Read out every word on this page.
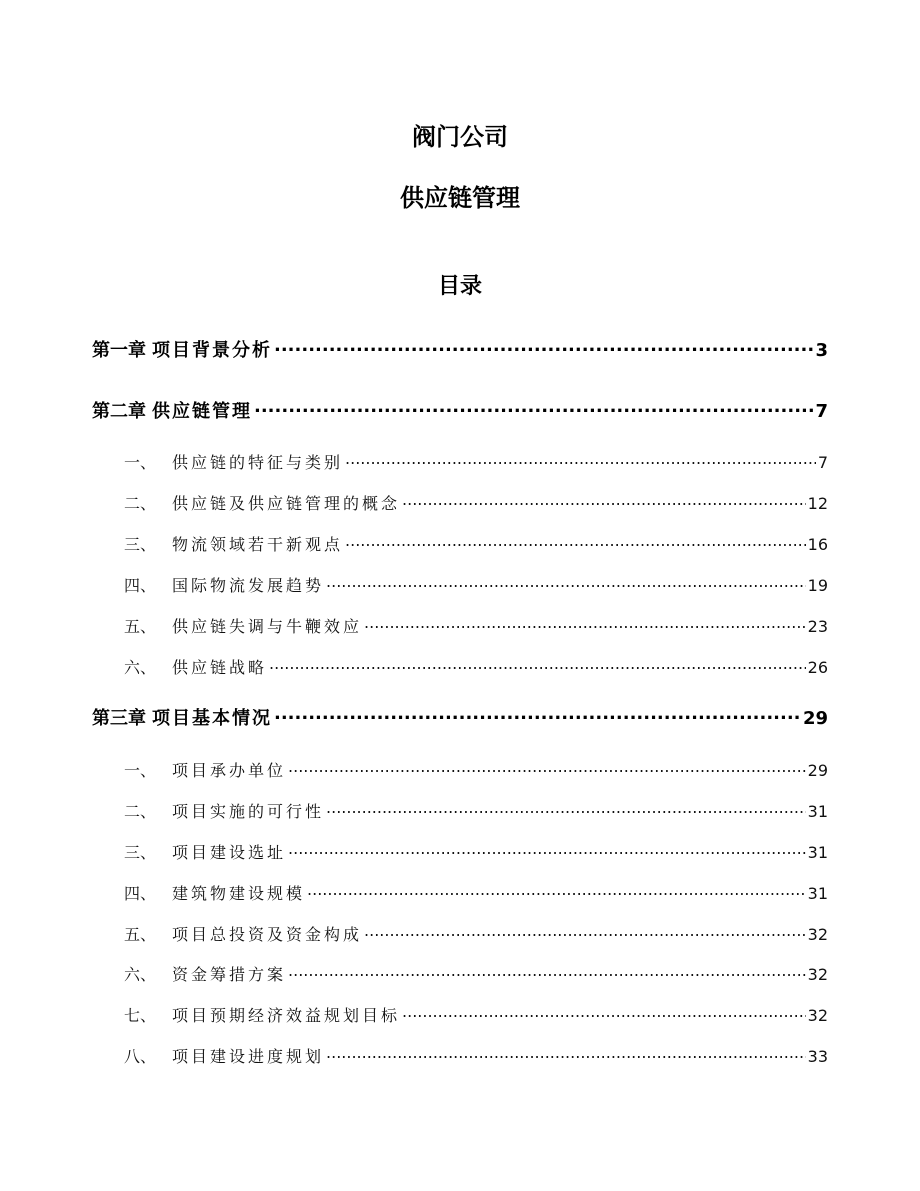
阀门公司
供应链管理
目录
第一章 项目背景分析 .....	3
第二章 供应链管理 .....	7
一、 供应链的特征与类别 .....	7
二、 供应链及供应链管理的概念 .....	12
三、 物流领域若干新观点 .....	16
四、 国际物流发展趋势 .....	19
五、 供应链失调与牛鞭效应 .....	23
六、 供应链战略 .....	26
第三章 项目基本情况 .....	29
一、 项目承办单位 .....	29
二、 项目实施的可行性 .....	31
三、 项目建设选址 .....	31
四、 建筑物建设规模 .....	31
五、 项目总投资及资金构成 .....	32
六、 资金筹措方案 .....	32
七、 项目预期经济效益规划目标 .....	32
八、 项目建设进度规划 .....	33
